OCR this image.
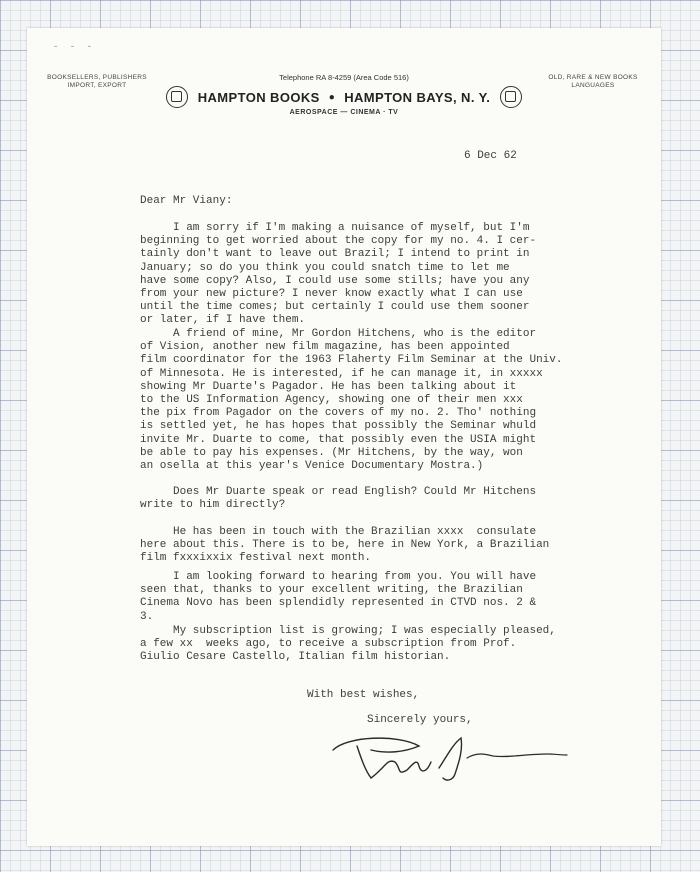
- - -
BOOKSELLERS, PUBLISHERS
IMPORT, EXPORT
Telephone RA 8-4259 (Area Code 516)
HAMPTON BOOKS ● HAMPTON BAYS, N. Y.
AEROSPACE — CINEMA · TV
OLD, RARE & NEW BOOKS
LANGUAGES
6 Dec 62
Dear Mr Viany:
I am sorry if I'm making a nuisance of myself, but I'm
beginning to get worried about the copy for my no. 4. I cer-
tainly don't want to leave out Brazil; I intend to print in
January; so do you think you could snatch time to let me
have some copy? Also, I could use some stills; have you any
from your new picture? I never know exactly what I can use
until the time comes; but certainly I could use them sooner
or later, if I have them.
A friend of mine, Mr Gordon Hitchens, who is the editor
of Vision, another new film magazine, has been appointed
film coordinator for the 1963 Flaherty Film Seminar at the Univ.
of Minnesota. He is interested, if he can manage it, in xxxxx
showing Mr Duarte's Pagador. He has been talking about it
to the US Information Agency, showing one of their men xxx
the pix from Pagador on the covers of my no. 2. Tho' nothing
is settled yet, he has hopes that possibly the Seminar whuld
invite Mr. Duarte to come, that possibly even the USIA might
be able to pay his expenses. (Mr Hitchens, by the way, won
an osella at this year's Venice Documentary Mostra.)
Does Mr Duarte speak or read English? Could Mr Hitchens
write to him directly?
He has been in touch with the Brazilian xxxx  consulate
here about this. There is to be, here in New York, a Brazilian
film fxxxixxix festival next month.
I am looking forward to hearing from you. You will have
seen that, thanks to your excellent writing, the Brazilian
Cinema Novo has been splendidly represented in CTVD nos. 2 &
3.
My subscription list is growing; I was especially pleased,
a few xx  weeks ago, to receive a subscription from Prof.
Giulio Cesare Castello, Italian film historian.
With best wishes,
Sincerely yours,
